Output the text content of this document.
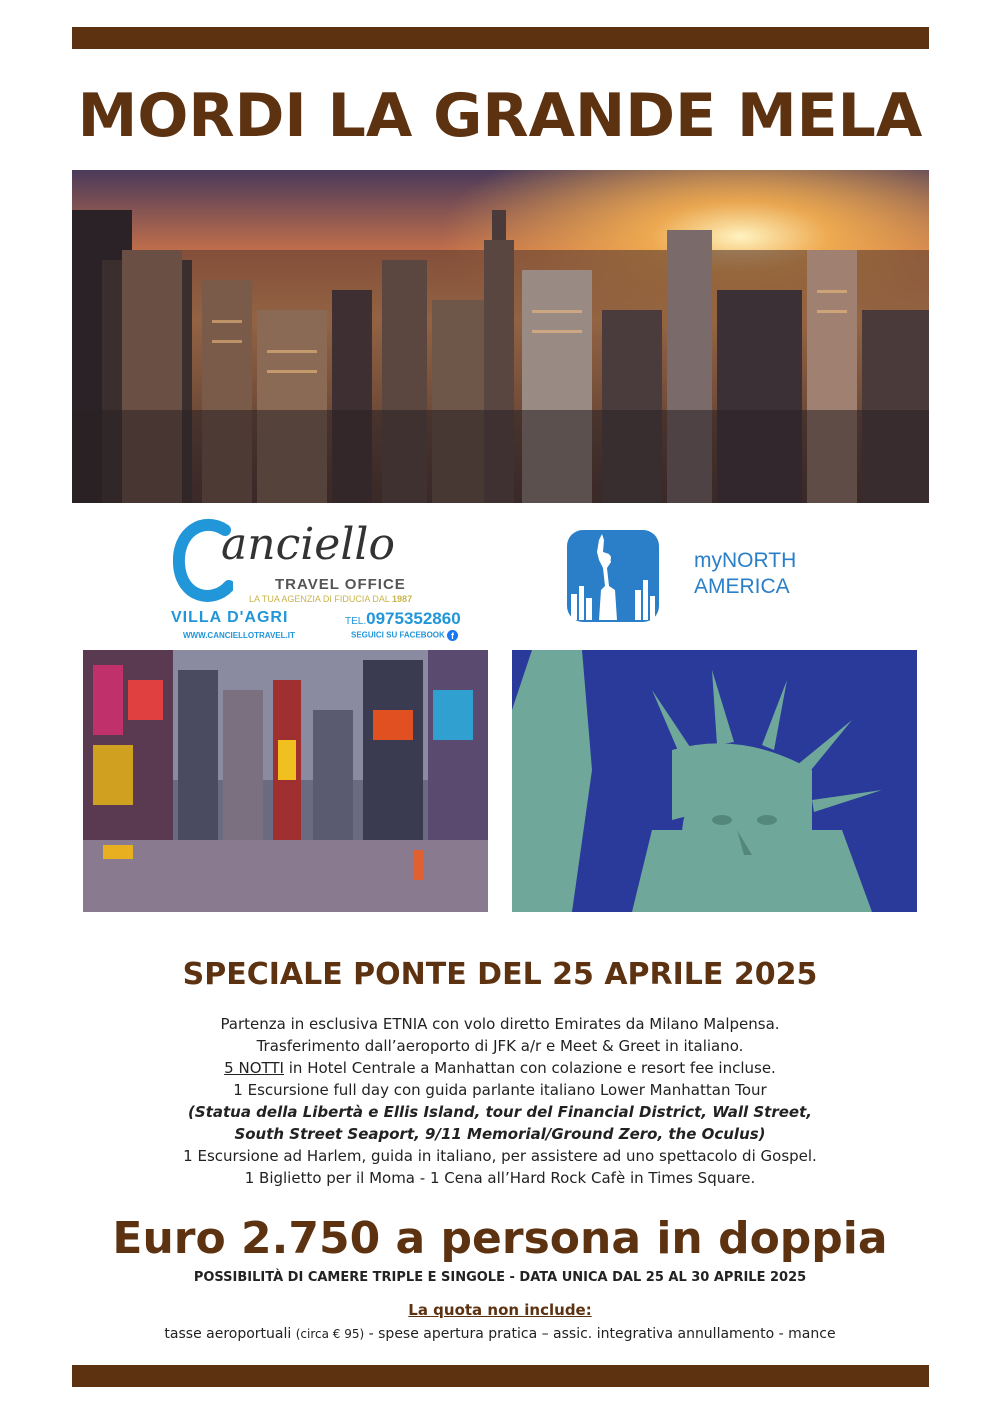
MORDI LA GRANDE MELA
anciello
TRAVEL OFFICE
LA TUA AGENZIA DI FIDUCIA DAL 1987
VILLA D'AGRI	TEL.0975352860
WWW.CANCIELLOTRAVEL.IT	SEGUICI SU FACEBOOK f
myNORTH
AMERICA
SPECIALE PONTE DEL 25 APRILE 2025
Partenza in esclusiva ETNIA con volo diretto Emirates da Milano Malpensa.
Trasferimento dall’aeroporto di JFK a/r e Meet & Greet in italiano.
5 NOTTI in Hotel Centrale a Manhattan con colazione e resort fee incluse.
1 Escursione full day con guida parlante italiano Lower Manhattan Tour
(Statua della Libertà e Ellis Island, tour del Financial District, Wall Street,
South Street Seaport, 9/11 Memorial/Ground Zero, the Oculus)
1 Escursione ad Harlem, guida in italiano, per assistere ad uno spettacolo di Gospel.
1 Biglietto per il Moma - 1 Cena all’Hard Rock Cafè in Times Square.
Euro 2.750 a persona in doppia
POSSIBILITÀ DI CAMERE TRIPLE E SINGOLE - DATA UNICA DAL 25 AL 30 APRILE 2025
La quota non include:
tasse aeroportuali (circa € 95) - spese apertura pratica – assic. integrativa annullamento - mance
